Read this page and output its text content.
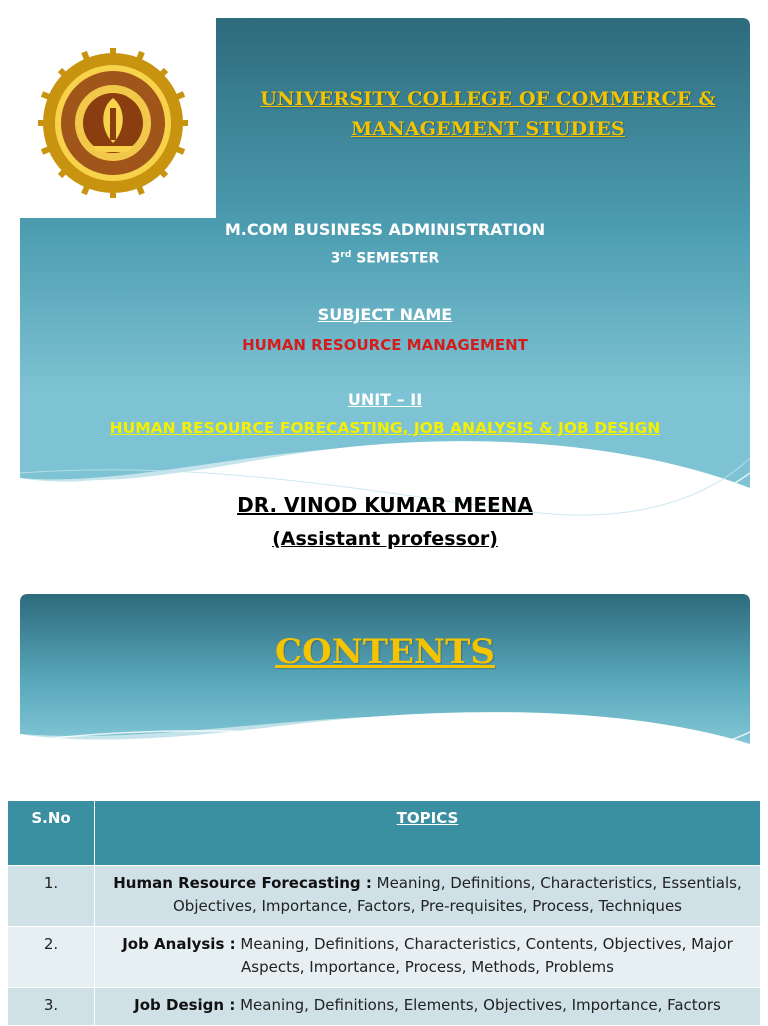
UNIVERSITY COLLEGE OF COMMERCE &
MANAGEMENT STUDIES
M.COM BUSINESS ADMINISTRATION
3rd SEMESTER
SUBJECT NAME
HUMAN RESOURCE MANAGEMENT
UNIT – II
HUMAN RESOURCE FORECASTING, JOB ANALYSIS & JOB DESIGN
DR. VINOD KUMAR MEENA
(Assistant professor)
CONTENTS
S.No	TOPICS
1.	Human Resource Forecasting : Meaning, Definitions, Characteristics, Essentials, Objectives, Importance, Factors, Pre-requisites, Process, Techniques
2.	Job Analysis : Meaning, Definitions, Characteristics, Contents, Objectives, Major Aspects, Importance, Process, Methods, Problems
3.	Job Design : Meaning, Definitions, Elements, Objectives, Importance, Factors
